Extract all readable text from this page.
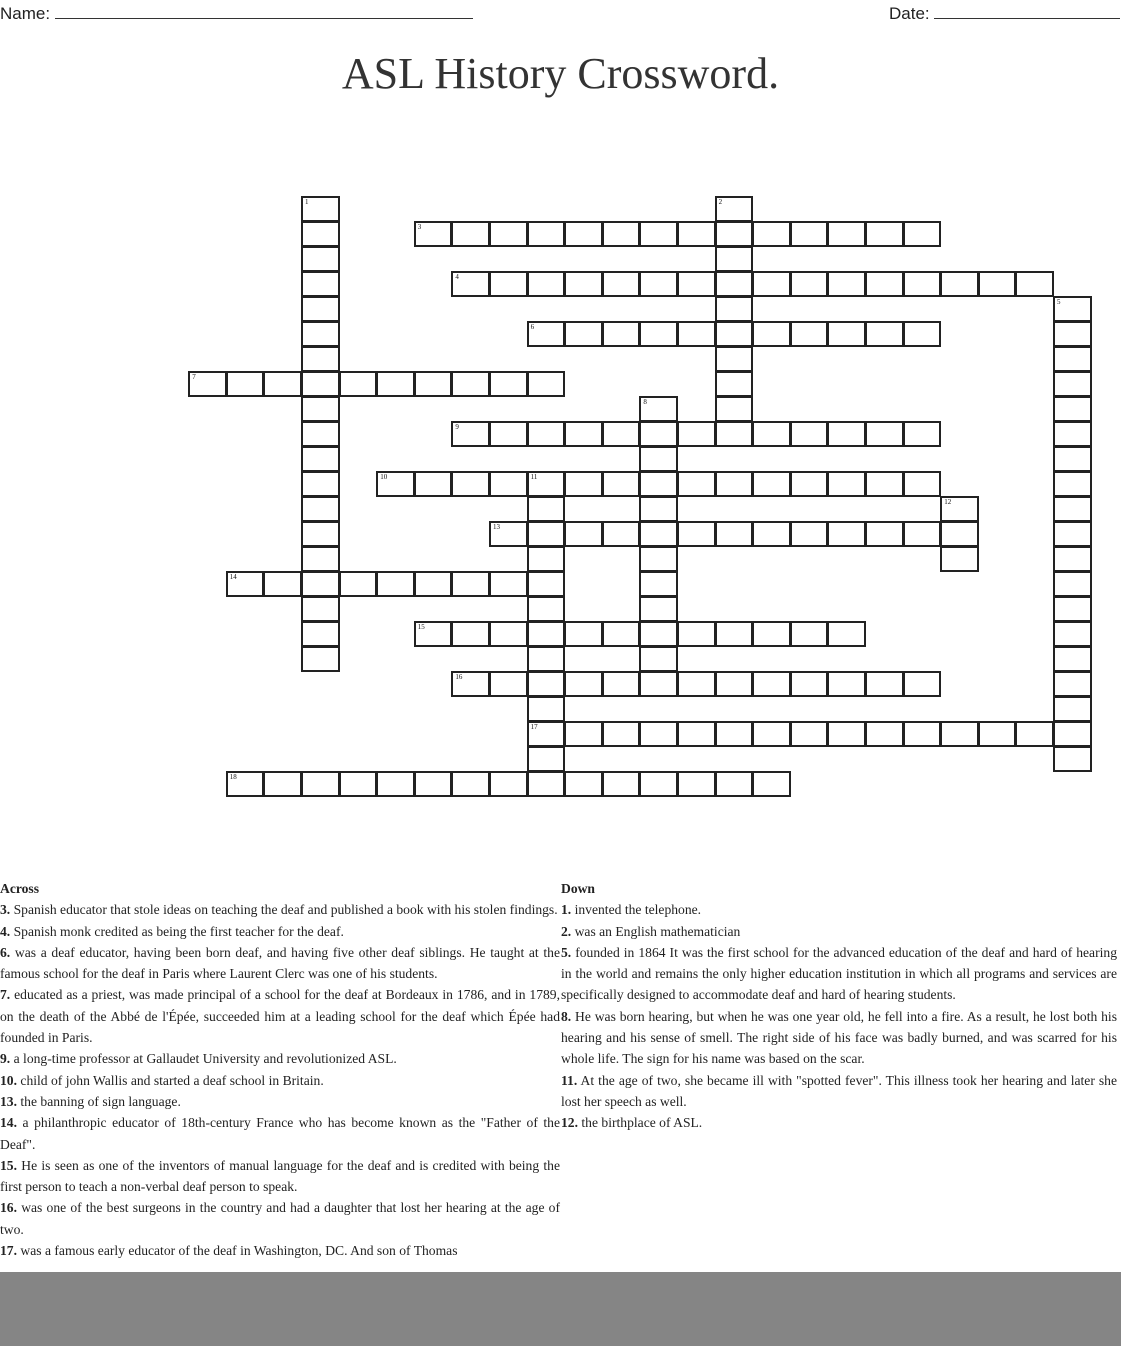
Name:	Date:
ASL History Crossword.
1	2
3
4
5
6
7
8
9
10	11
17
12
13
14
15
16
18
Across

3. Spanish educator that stole ideas on teaching the deaf and published a book with his stolen findings.

4. Spanish monk credited as being the first teacher for the deaf.

6. was a deaf educator, having been born deaf, and having five other deaf siblings. He taught at the famous school for the deaf in Paris where Laurent Clerc was one of his students.

7. educated as a priest, was made principal of a school for the deaf at Bordeaux in 1786, and in 1789, on the death of the Abbé de l'Épée, succeeded him at a leading school for the deaf which Épée had founded in Paris.

9. a long-time professor at Gallaudet University and revolutionized ASL.

10. child of john Wallis and started a deaf school in Britain.

13. the banning of sign language.

14. a philanthropic educator of 18th-century France who has become known as the "Father of the Deaf".

15. He is seen as one of the inventors of manual language for the deaf and is credited with being the first person to teach a non-verbal deaf person to speak.

16. was one of the best surgeons in the country and had a daughter that lost her hearing at the age of two.

17. was a famous early educator of the deaf in Washington, DC. And son of Thomas

Down

1. invented the telephone.

2. was an English mathematician

5. founded in 1864 It was the first school for the advanced education of the deaf and hard of hearing in the world and remains the only higher education institution in which all programs and services are specifically designed to accommodate deaf and hard of hearing students.

8. He was born hearing, but when he was one year old, he fell into a fire. As a result, he lost both his hearing and his sense of smell. The right side of his face was badly burned, and was scarred for his whole life. The sign for his name was based on the scar.

11. At the age of two, she became ill with "spotted fever". This illness took her hearing and later she lost her speech as well.

12. the birthplace of ASL.
